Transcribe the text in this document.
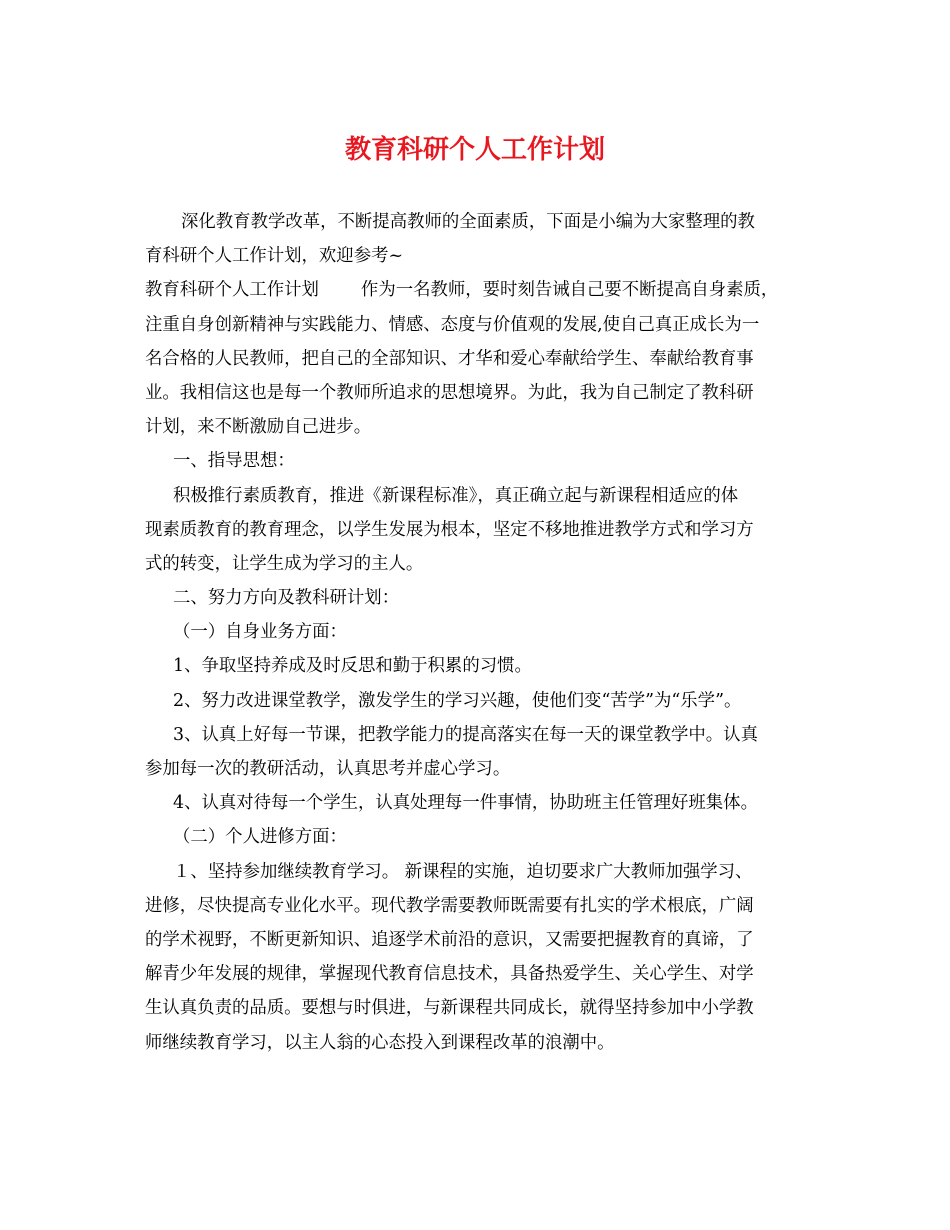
教育科研个人工作计划
深化教育教学改革，不断提高教师的全面素质，下面是小编为大家整理的教
育科研个人工作计划，欢迎参考~
教育科研个人工作计划 作为一名教师，要时刻告诫自己要不断提高自身素质，
注重自身创新精神与实践能力、情感、态度与价值观的发展,使自己真正成长为一
名合格的人民教师，把自己的全部知识、才华和爱心奉献给学生、奉献给教育事
业。我相信这也是每一个教师所追求的思想境界。为此，我为自己制定了教科研
计划，来不断激励自己进步。
一、指导思想：
积极推行素质教育，推进《新课程标准》，真正确立起与新课程相适应的体
现素质教育的教育理念，以学生发展为根本，坚定不移地推进教学方式和学习方
式的转变，让学生成为学习的主人。
二、努力方向及教科研计划：
（一）自身业务方面：
1、争取坚持养成及时反思和勤于积累的习惯。
2、努力改进课堂教学，激发学生的学习兴趣，使他们变“苦学”为“乐学”。
3、认真上好每一节课，把教学能力的提高落实在每一天的课堂教学中。认真
参加每一次的教研活动，认真思考并虚心学习。
4、认真对待每一个学生，认真处理每一件事情，协助班主任管理好班集体。
（二）个人进修方面：
１、坚持参加继续教育学习。 新课程的实施，迫切要求广大教师加强学习、
进修，尽快提高专业化水平。现代教学需要教师既需要有扎实的学术根底，广阔
的学术视野，不断更新知识、追逐学术前沿的意识，又需要把握教育的真谛，了
解青少年发展的规律，掌握现代教育信息技术，具备热爱学生、关心学生、对学
生认真负责的品质。要想与时俱进，与新课程共同成长，就得坚持参加中小学教
师继续教育学习，以主人翁的心态投入到课程改革的浪潮中。
